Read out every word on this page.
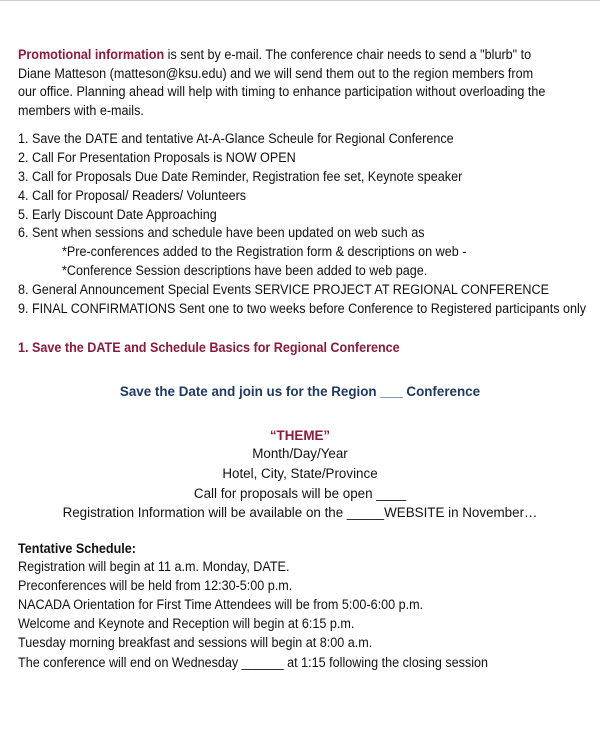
Promotional information is sent by e-mail. The conference chair needs to send a "blurb" to Diane Matteson (matteson@ksu.edu) and we will send them out to the region members from our office. Planning ahead will help with timing to enhance participation without overloading the members with e-mails.
1. Save the DATE and tentative At-A-Glance Scheule for Regional Conference
2. Call For Presentation Proposals is NOW OPEN
3. Call for Proposals Due Date Reminder, Registration fee set, Keynote speaker
4. Call for Proposal/ Readers/ Volunteers
5. Early Discount Date Approaching
6. Sent when sessions and schedule have been updated on web such as
*Pre-conferences added to the Registration form & descriptions on web -
*Conference Session descriptions have been added to web page.
8. General Announcement Special Events SERVICE PROJECT AT REGIONAL CONFERENCE
9. FINAL CONFIRMATIONS Sent one to two weeks before Conference to Registered participants only
1. Save the DATE and Schedule Basics for Regional Conference
Save the Date and join us for the Region ___ Conference
“THEME”
Month/Day/Year
Hotel, City, State/Province
Call for proposals will be open ____
Registration Information will be available on the _____WEBSITE in November…
Tentative Schedule:
Registration will begin at 11 a.m. Monday, DATE.
Preconferences will be held from 12:30-5:00 p.m.
NACADA Orientation for First Time Attendees will be from 5:00-6:00 p.m.
Welcome and Keynote and Reception will begin at 6:15 p.m.
Tuesday morning breakfast and sessions will begin at 8:00 a.m.
The conference will end on Wednesday ______ at 1:15 following the closing session
